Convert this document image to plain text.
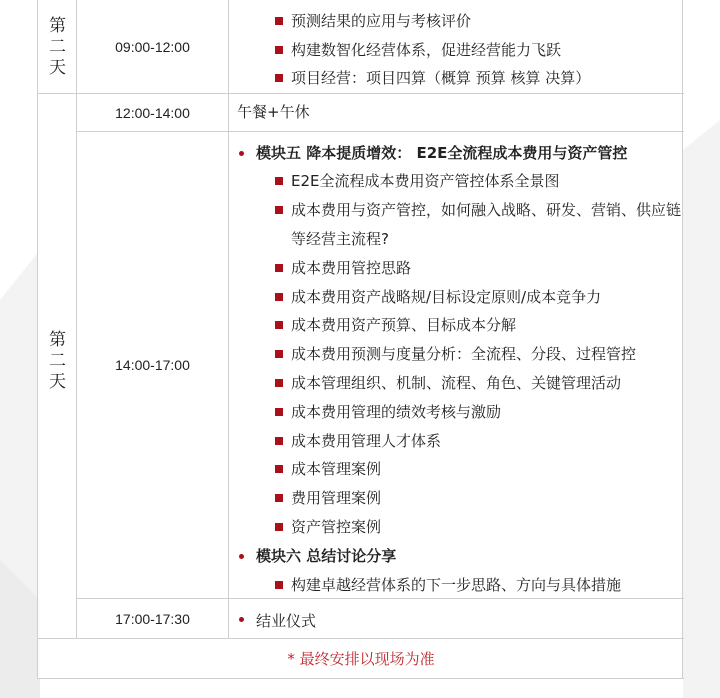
第
二
天
09:00-12:00
预测结果的应用与考核评价
构建数智化经营体系，促进经营能力飞跃
项目经营：项目四算（概算 预算 核算 决算）
第
二
天
12:00-14:00	午餐+午休
14:00-17:00
模块五 降本提质增效： E2E全流程成本费用与资产管控
E2E全流程成本费用资产管控体系全景图
成本费用与资产管控，如何融入战略、研发、营销、供应链
等经营主流程?
成本费用管控思路
成本费用资产战略规/目标设定原则/成本竞争力
成本费用资产预算、目标成本分解
成本费用预测与度量分析：全流程、分段、过程管控
成本管理组织、机制、流程、角色、关键管理活动
成本费用管理的绩效考核与激励
成本费用管理人才体系
成本管理案例
费用管理案例
资产管控案例
模块六 总结讨论分享
构建卓越经营体系的下一步思路、方向与具体措施
17:00-17:30	结业仪式
* 最终安排以现场为准
